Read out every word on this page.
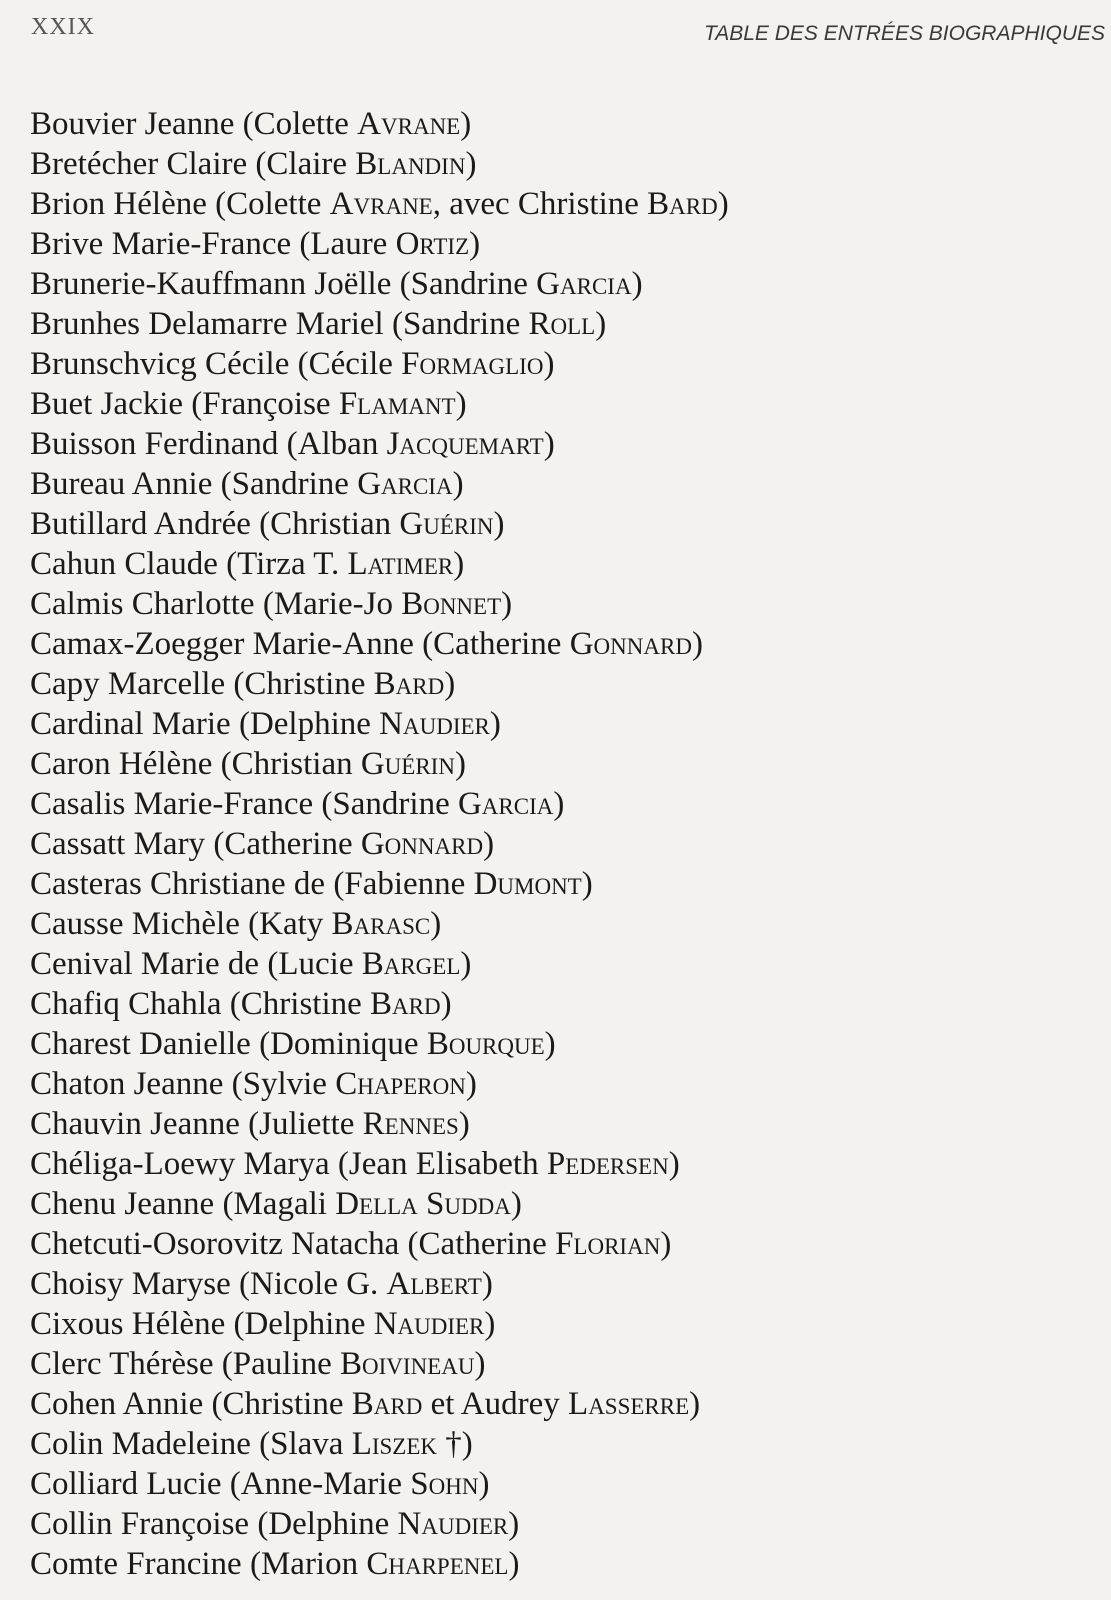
XXIX	TABLE DES ENTRÉES BIOGRAPHIQUES
Bouvier Jeanne (Colette Avrane)
Bretécher Claire (Claire Blandin)
Brion Hélène (Colette Avrane, avec Christine Bard)
Brive Marie-France (Laure Ortiz)
Brunerie-Kauffmann Joëlle (Sandrine Garcia)
Brunhes Delamarre Mariel (Sandrine Roll)
Brunschvicg Cécile (Cécile Formaglio)
Buet Jackie (Françoise Flamant)
Buisson Ferdinand (Alban Jacquemart)
Bureau Annie (Sandrine Garcia)
Butillard Andrée (Christian Guérin)
Cahun Claude (Tirza T. Latimer)
Calmis Charlotte (Marie-Jo Bonnet)
Camax-Zoegger Marie-Anne (Catherine Gonnard)
Capy Marcelle (Christine Bard)
Cardinal Marie (Delphine Naudier)
Caron Hélène (Christian Guérin)
Casalis Marie-France (Sandrine Garcia)
Cassatt Mary (Catherine Gonnard)
Casteras Christiane de (Fabienne Dumont)
Causse Michèle (Katy Barasc)
Cenival Marie de (Lucie Bargel)
Chafiq Chahla (Christine Bard)
Charest Danielle (Dominique Bourque)
Chaton Jeanne (Sylvie Chaperon)
Chauvin Jeanne (Juliette Rennes)
Chéliga-Loewy Marya (Jean Elisabeth Pedersen)
Chenu Jeanne (Magali Della Sudda)
Chetcuti-Osorovitz Natacha (Catherine Florian)
Choisy Maryse (Nicole G. Albert)
Cixous Hélène (Delphine Naudier)
Clerc Thérèse (Pauline Boivineau)
Cohen Annie (Christine Bard et Audrey Lasserre)
Colin Madeleine (Slava Liszek †)
Colliard Lucie (Anne-Marie Sohn)
Collin Françoise (Delphine Naudier)
Comte Francine (Marion Charpenel)
